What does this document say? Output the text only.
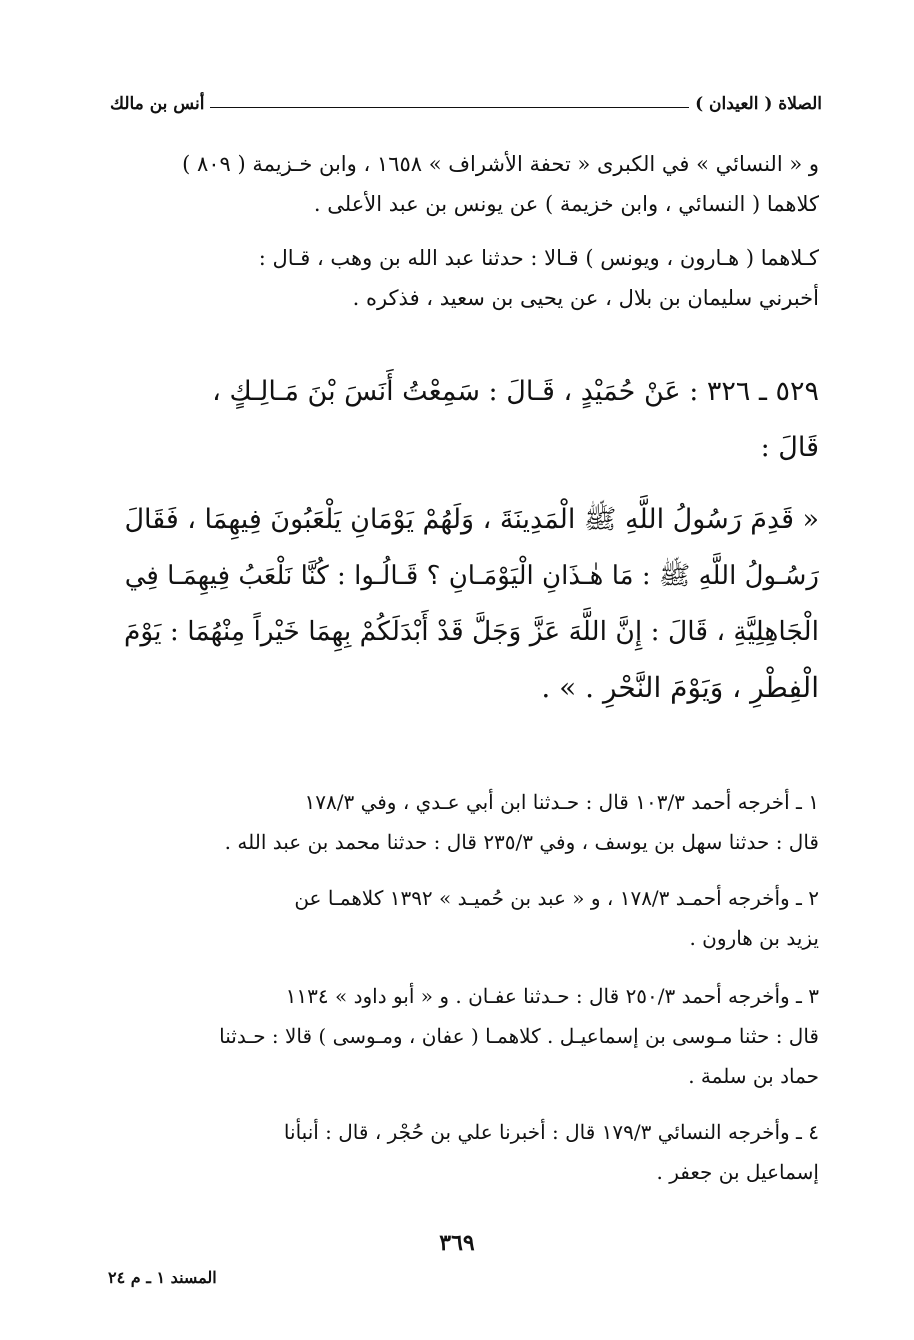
الصلاة ( العيدان )
أنس بن مالك
و « النسائي » في الكبرى « تحفة الأشراف » ١٦٥٨ ، وابن خـزيمة ( ٨٠٩ )
كلاهما ( النسائي ، وابن خزيمة ) عن يونس بن عبد الأعلى .
كـلاهما ( هـارون ، ويونس ) قـالا : حدثنا عبد الله بن وهب ، قـال :
أخبرني سليمان بن بلال ، عن يحيى بن سعيد ، فذكره .
٥٢٩ ـ ٣٢٦ : عَنْ حُمَيْدٍ ، قَـالَ : سَمِعْتُ أَنَسَ بْنَ مَـالِـكٍ ،
قَالَ :
« قَدِمَ رَسُولُ اللَّهِ ﷺ الْمَدِينَةَ ، وَلَهُمْ يَوْمَانِ يَلْعَبُونَ فِيهِمَا ، فَقَالَ
رَسُـولُ اللَّهِ ﷺ : مَا هٰـذَانِ الْيَوْمَـانِ ؟ قَـالُـوا : كُنَّا نَلْعَبُ فِيهِمَـا فِي
الْجَاهِلِيَّةِ ، قَالَ : إِنَّ اللَّهَ عَزَّ وَجَلَّ قَدْ أَبْدَلَكُمْ بِهِمَا خَيْراً مِنْهُمَا : يَوْمَ
الْفِطْرِ ، وَيَوْمَ النَّحْرِ . » .
١ ـ أخرجه أحمد ١٠٣/٣ قال : حـدثنا ابن أبي عـدي ، وفي ١٧٨/٣
قال : حدثنا سهل بن يوسف ، وفي ٢٣٥/٣ قال : حدثنا محمد بن عبد الله .
٢ ـ وأخرجه أحمـد ١٧٨/٣ ، و « عبد بن حُميـد » ١٣٩٢ كلاهمـا عن
يزيد بن هارون .
٣ ـ وأخرجه أحمد ٢٥٠/٣ قال : حـدثنا عفـان . و « أبو داود » ١١٣٤
قال : حثنا مـوسى بن إسماعيـل . كلاهمـا ( عفان ، ومـوسى ) قالا : حـدثنا
حماد بن سلمة .
٤ ـ وأخرجه النسائي ١٧٩/٣ قال : أخبرنا علي بن حُجْر ، قال : أنبأنا
إسماعيل بن جعفر .
٣٦٩
المسند ١ ـ م ٢٤
